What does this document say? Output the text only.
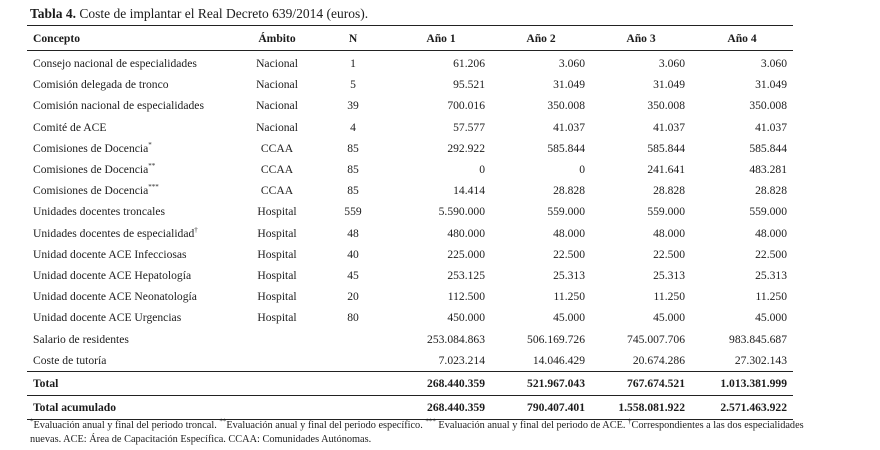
Tabla 4. Coste de implantar el Real Decreto 639/2014 (euros).
Concepto	Ámbito	N	Año 1	Año 2	Año 3	Año 4
Consejo nacional de especialidades	Nacional	1	61.206	3.060	3.060	3.060
Comisión delegada de tronco	Nacional	5	95.521	31.049	31.049	31.049
Comisión nacional de especialidades	Nacional	39	700.016	350.008	350.008	350.008
Comité de ACE	Nacional	4	57.577	41.037	41.037	41.037
Comisiones de Docencia*	CCAA	85	292.922	585.844	585.844	585.844
Comisiones de Docencia**	CCAA	85	0	0	241.641	483.281
Comisiones de Docencia***	CCAA	85	14.414	28.828	28.828	28.828
Unidades docentes troncales	Hospital	559	5.590.000	559.000	559.000	559.000
Unidades docentes de especialidad†	Hospital	48	480.000	48.000	48.000	48.000
Unidad docente ACE Infecciosas	Hospital	40	225.000	22.500	22.500	22.500
Unidad docente ACE Hepatología	Hospital	45	253.125	25.313	25.313	25.313
Unidad docente ACE Neonatología	Hospital	20	112.500	11.250	11.250	11.250
Unidad docente ACE Urgencias	Hospital	80	450.000	45.000	45.000	45.000
Salario de residentes			253.084.863	506.169.726	745.007.706	983.845.687
Coste de tutoría			7.023.214	14.046.429	20.674.286	27.302.143
Total			268.440.359	521.967.043	767.674.521	1.013.381.999
Total acumulado			268.440.359	790.407.401	1.558.081.922	2.571.463.922
*Evaluación anual y final del periodo troncal. **Evaluación anual y final del periodo específico. *** Evaluación anual y final del periodo de ACE. †Correspondientes a las dos especialidades nuevas. ACE: Área de Capacitación Específica. CCAA: Comunidades Autónomas.
